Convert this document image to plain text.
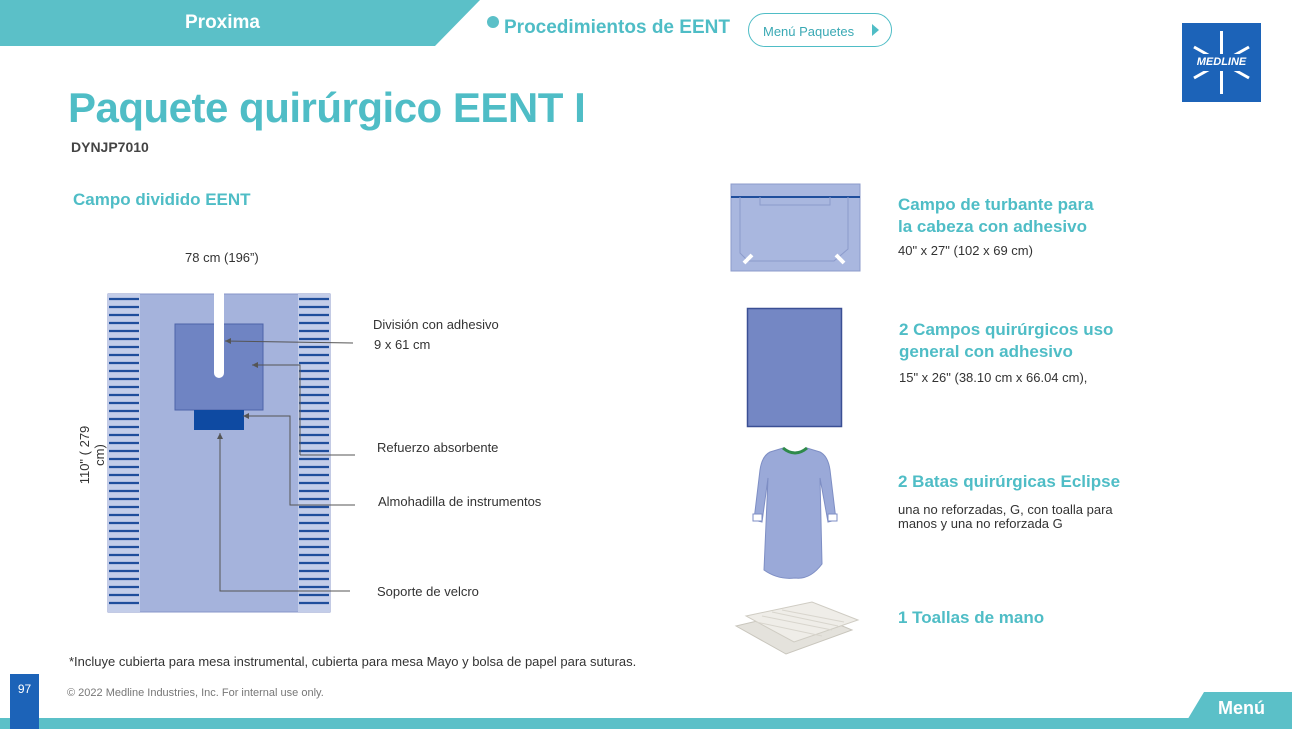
Proxima	Procedimientos de EENT	Menú Paquetes
MEDLINE
Paquete quirúrgico EENT I
DYNJP7010
Campo dividido EENT
78 cm (196”)
110" ( 279 cm)
División con adhesivo
9 x 61 cm
Refuerzo absorbente
Almohadilla de instrumentos
Soporte de velcro
Campo de turbante para
la cabeza con adhesivo
40" x 27" (102 x 69 cm)
2 Campos quirúrgicos uso
general con adhesivo
15" x 26" (38.10 cm x 66.04 cm),
2 Batas quirúrgicas Eclipse
una no reforzadas, G, con toalla para
manos y una no reforzada G
1 Toallas de mano
*Incluye cubierta para mesa instrumental, cubierta para mesa Mayo y bolsa de papel para suturas.
© 2022 Medline Industries, Inc. For internal use only.
97
Menú
